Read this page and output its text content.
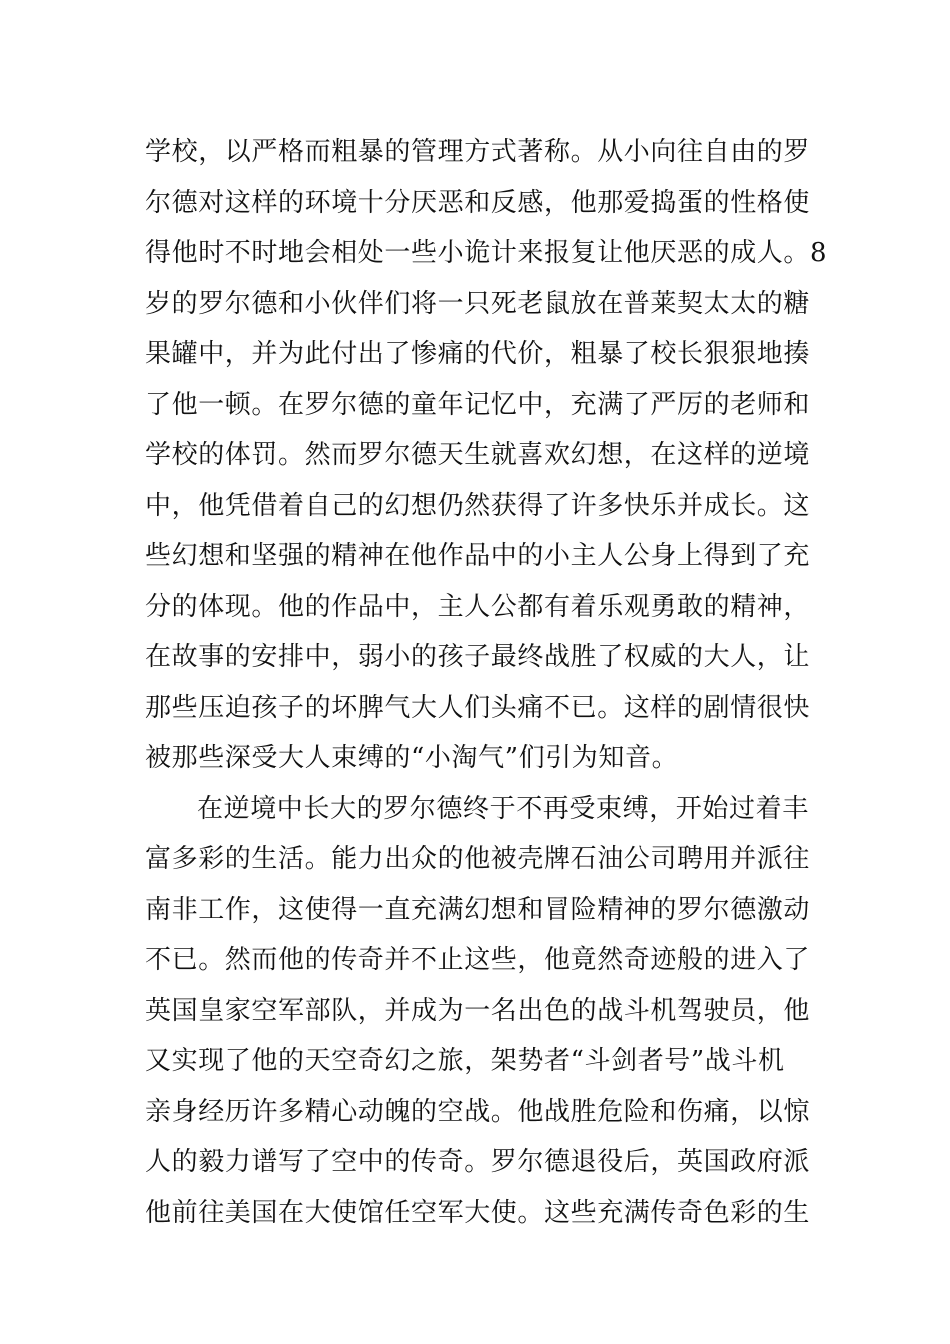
学校，以严格而粗暴的管理方式著称。从小向往自由的罗
尔德对这样的环境十分厌恶和反感，他那爱捣蛋的性格使
得他时不时地会相处一些小诡计来报复让他厌恶的成人。8
岁的罗尔德和小伙伴们将一只死老鼠放在普莱契太太的糖
果罐中，并为此付出了惨痛的代价，粗暴了校长狠狠地揍
了他一顿。在罗尔德的童年记忆中，充满了严厉的老师和
学校的体罚。然而罗尔德天生就喜欢幻想，在这样的逆境
中，他凭借着自己的幻想仍然获得了许多快乐并成长。这
些幻想和坚强的精神在他作品中的小主人公身上得到了充
分的体现。他的作品中，主人公都有着乐观勇敢的精神，
在故事的安排中，弱小的孩子最终战胜了权威的大人，让
那些压迫孩子的坏脾气大人们头痛不已。这样的剧情很快
被那些深受大人束缚的“小淘气”们引为知音。
在逆境中长大的罗尔德终于不再受束缚，开始过着丰
富多彩的生活。能力出众的他被壳牌石油公司聘用并派往
南非工作，这使得一直充满幻想和冒险精神的罗尔德激动
不已。然而他的传奇并不止这些，他竟然奇迹般的进入了
英国皇家空军部队，并成为一名出色的战斗机驾驶员，他
又实现了他的天空奇幻之旅，架势者“斗剑者号”战斗机
亲身经历许多精心动魄的空战。他战胜危险和伤痛，以惊
人的毅力谱写了空中的传奇。罗尔德退役后，英国政府派
他前往美国在大使馆任空军大使。这些充满传奇色彩的生
